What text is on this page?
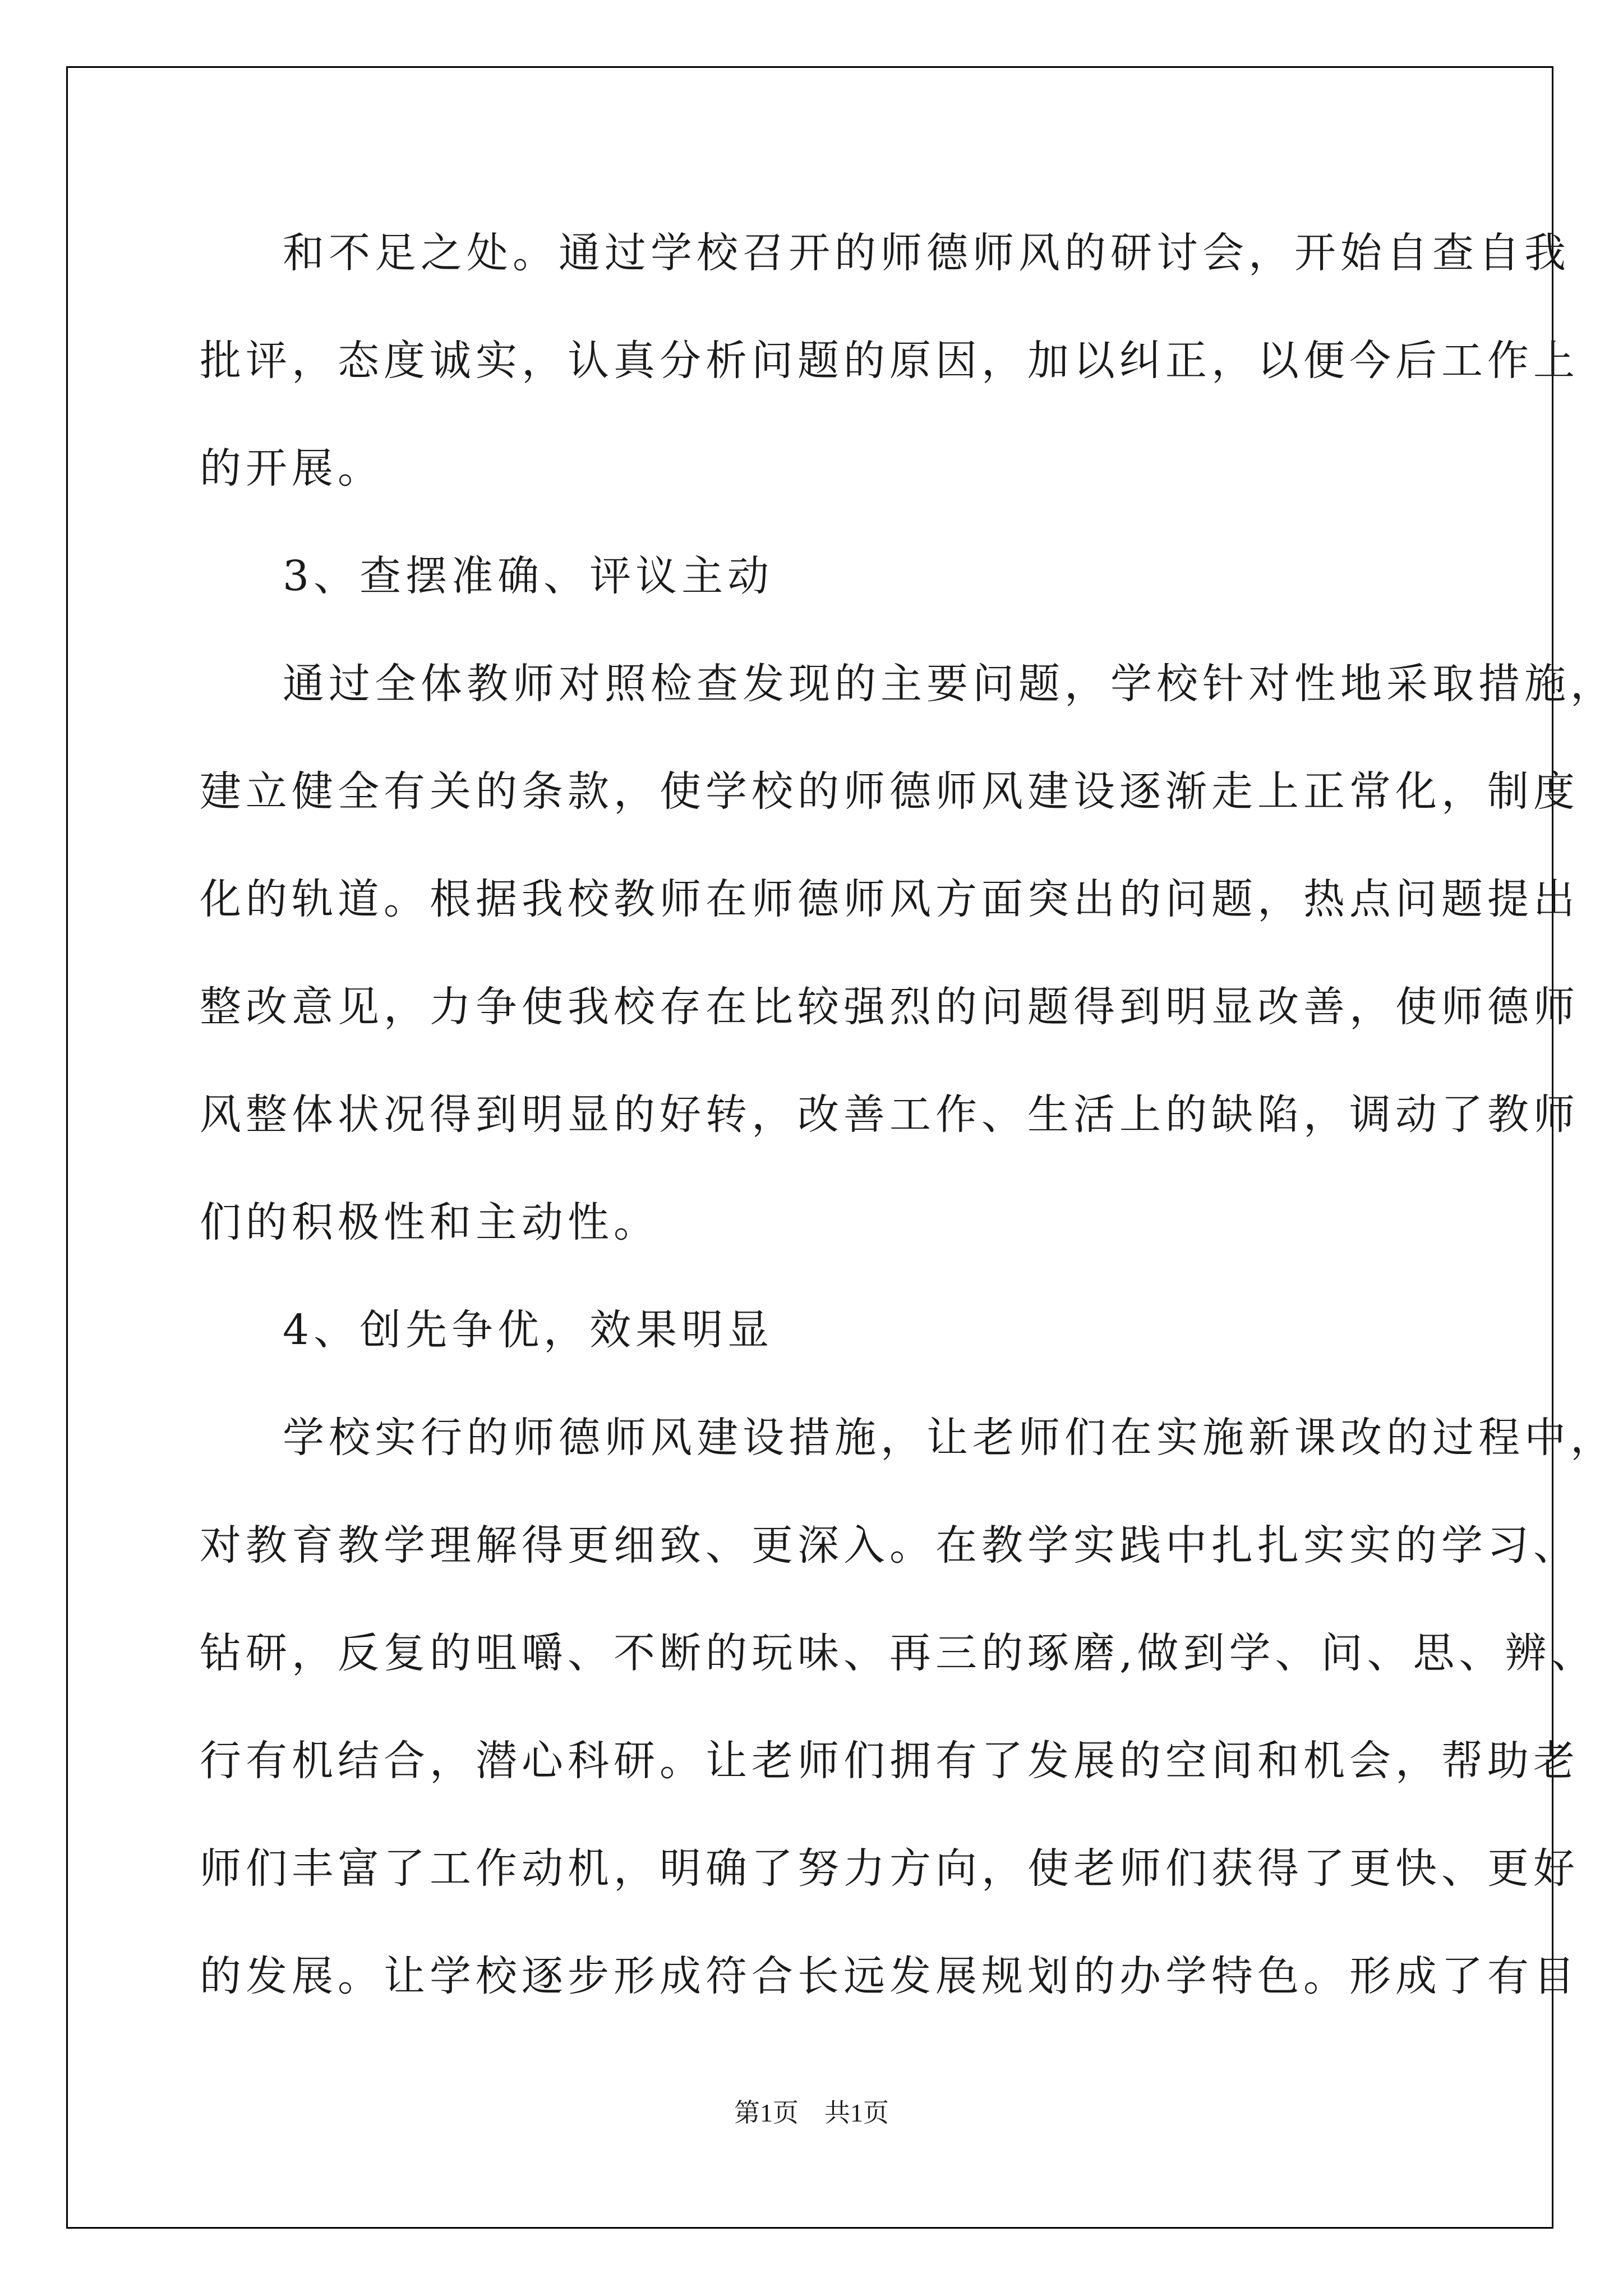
和不足之处。通过学校召开的师德师风的研讨会，开始自查自我
批评，态度诚实，认真分析问题的原因，加以纠正，以便今后工作上
的开展。
3、查摆准确、评议主动
通过全体教师对照检查发现的主要问题，学校针对性地采取措施，
建立健全有关的条款，使学校的师德师风建设逐渐走上正常化，制度
化的轨道。根据我校教师在师德师风方面突出的问题，热点问题提出
整改意见，力争使我校存在比较强烈的问题得到明显改善，使师德师
风整体状况得到明显的好转，改善工作、生活上的缺陷，调动了教师
们的积极性和主动性。
4、创先争优，效果明显
学校实行的师德师风建设措施，让老师们在实施新课改的过程中，
对教育教学理解得更细致、更深入。在教学实践中扎扎实实的学习、
钻研，反复的咀嚼、不断的玩味、再三的琢磨,做到学、问、思、辨、
行有机结合，潜心科研。让老师们拥有了发展的空间和机会，帮助老
师们丰富了工作动机，明确了努力方向，使老师们获得了更快、更好
的发展。让学校逐步形成符合长远发展规划的办学特色。形成了有目
第1页　共1页
